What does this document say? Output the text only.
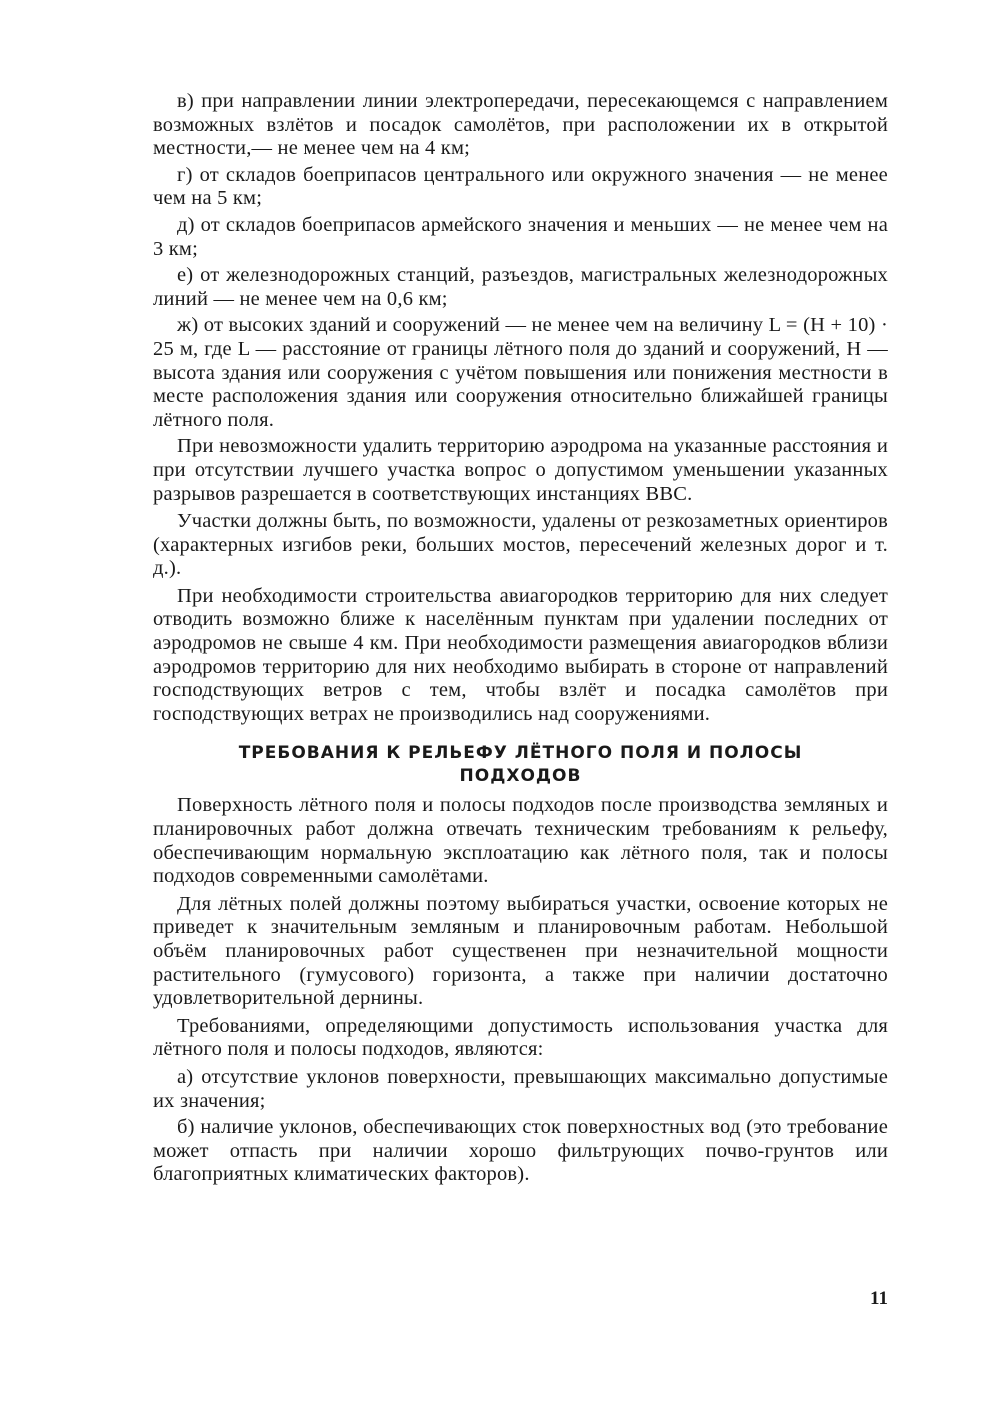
в) при направлении линии электропередачи, пересекающемся с направлением возможных взлётов и посадок самолётов, при расположении их в открытой местности,— не менее чем на 4 км;

г) от складов боеприпасов центрального или окружного значения — не менее чем на 5 км;

д) от складов боеприпасов армейского значения и меньших — не менее чем на 3 км;

е) от железнодорожных станций, разъездов, магистральных железнодорожных линий — не менее чем на 0,6 км;

ж) от высоких зданий и сооружений — не менее чем на величину L = (H + 10) · 25 м, где L — расстояние от границы лётного поля до зданий и сооружений, H — высота здания или сооружения с учётом повышения или понижения местности в месте расположения здания или сооружения относительно ближайшей границы лётного поля.

При невозможности удалить территорию аэродрома на указанные расстояния и при отсутствии лучшего участка вопрос о допустимом уменьшении указанных разрывов разрешается в соответствующих инстанциях ВВС.

Участки должны быть, по возможности, удалены от резкозаметных ориентиров (характерных изгибов реки, больших мостов, пересечений железных дорог и т. д.).

При необходимости строительства авиагородков территорию для них следует отводить возможно ближе к населённым пунктам при удалении последних от аэродромов не свыше 4 км. При необходимости размещения авиагородков вблизи аэродромов территорию для них необходимо выбирать в стороне от направлений господствующих ветров с тем, чтобы взлёт и посадка самолётов при господствующих ветрах не производились над сооружениями.

ТРЕБОВАНИЯ К РЕЛЬЕФУ ЛЁТНОГО ПОЛЯ И ПОЛОСЫ
ПОДХОДОВ

Поверхность лётного поля и полосы подходов после производства земляных и планировочных работ должна отвечать техническим требованиям к рельефу, обеспечивающим нормальную эксплоатацию как лётного поля, так и полосы подходов современными самолётами.

Для лётных полей должны поэтому выбираться участки, освоение которых не приведет к значительным земляным и планировочным работам. Небольшой объём планировочных работ существенен при незначительной мощности растительного (гумусового) горизонта, а также при наличии достаточно удовлетворительной дернины.

Требованиями, определяющими допустимость использования участка для лётного поля и полосы подходов, являются:

а) отсутствие уклонов поверхности, превышающих максимально допустимые их значения;

б) наличие уклонов, обеспечивающих сток поверхностных вод (это требование может отпасть при наличии хорошо фильтрующих почво-грунтов или благоприятных климатических факторов).

11
